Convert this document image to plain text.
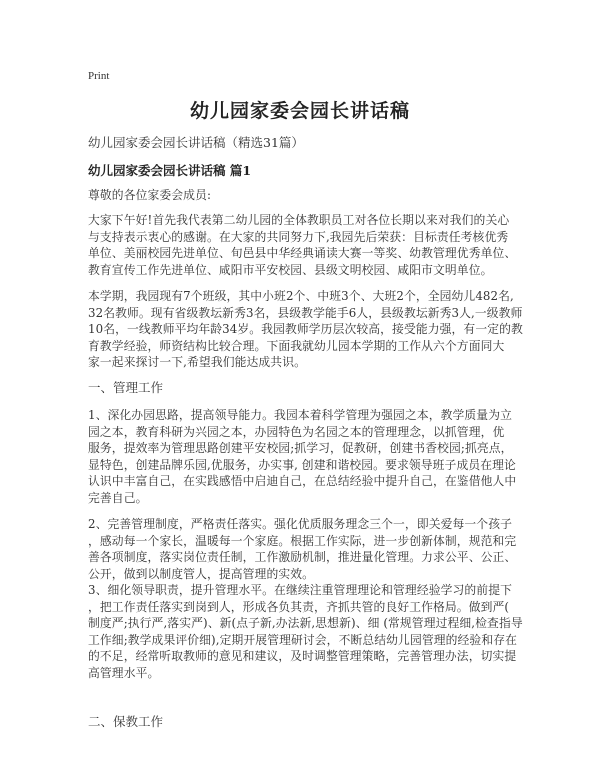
Print
幼儿园家委会园长讲话稿
幼儿园家委会园长讲话稿（精选31篇）
幼儿园家委会园长讲话稿 篇1
尊敬的各位家委会成员:
大家下午好!首先我代表第二幼儿园的全体教职员工对各位长期以来对我们的关心
与支持表示衷心的感谢。在大家的共同努力下,我园先后荣获：目标责任考核优秀
单位、美丽校园先进单位、旬邑县中华经典诵读大赛一等奖、幼教管理优秀单位、
教育宣传工作先进单位、咸阳市平安校园、县级文明校园、咸阳市文明单位。
本学期，我园现有7个班级，其中小班2个、中班3个、大班2个，全园幼儿482名,
32名教师。现有省级教坛新秀3名，县级教学能手6人，县级教坛新秀3人,一级教师
10名，一线教师平均年龄34岁。我园教师学历层次较高，接受能力强，有一定的教
育教学经验，师资结构比较合理。下面我就幼儿园本学期的工作从六个方面同大
家一起来探讨一下,希望我们能达成共识。
一、管理工作
1、深化办园思路，提高领导能力。我园本着科学管理为强园之本，教学质量为立
园之本，教育科研为兴园之本，办园特色为名园之本的管理理念，以抓管理，优
服务，提效率为管理思路创建平安校园;抓学习，促教研，创建书香校园;抓亮点，
显特色，创建品牌乐园,优服务，办实事, 创建和谐校园。要求领导班子成员在理论
认识中丰富自己，在实践感悟中启迪自己，在总结经验中提升自己，在鉴借他人中
完善自己。
2、完善管理制度，严格责任落实。强化优质服务理念三个一，即关爱每一个孩子
，感动每一个家长，温暖每一个家庭。根据工作实际，进一步创新体制，规范和完
善各项制度，落实岗位责任制，工作激励机制，推进量化管理。力求公平、公正、
公开，做到以制度管人，提高管理的实效。
3、细化领导职责，提升管理水平。在继续注重管理理论和管理经验学习的前提下
，把工作责任落实到岗到人，形成各负其责，齐抓共管的良好工作格局。做到严(
制度严;执行严,落实严)、新(点子新,办法新,思想新)、细 (常规管理过程细,检查指导
工作细;教学成果评价细),定期开展管理研讨会，不断总结幼儿园管理的经验和存在
的不足，经常听取教师的意见和建议，及时调整管理策略，完善管理办法，切实提
高管理水平。
二、保教工作
